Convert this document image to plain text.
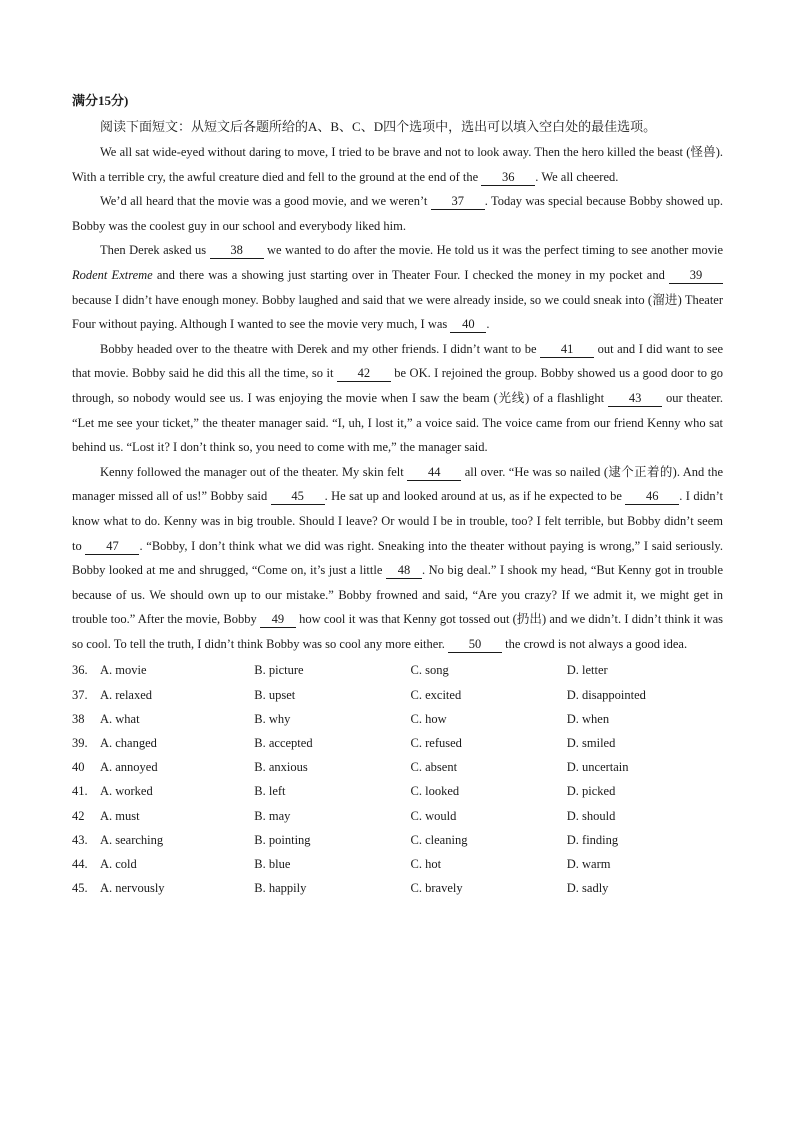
满分15分)
阅读下面短文：从短文后各题所给的A、B、C、D四个选项中，选出可以填入空白处的最佳选项。

We all sat wide-eyed without daring to move, I tried to be brave and not to look away. Then the hero killed the beast (怪兽). With a terrible cry, the awful creature died and fell to the ground at the end of the 36 . We all cheered.

We’d all heard that the movie was a good movie, and we weren’t 37 . Today was special because Bobby showed up. Bobby was the coolest guy in our school and everybody liked him.

Then Derek asked us 38 we wanted to do after the movie. He told us it was the perfect timing to see another movie Rodent Extreme and there was a showing just starting over in Theater Four. I checked the money in my pocket and 39 because I didn’t have enough money. Bobby laughed and said that we were already inside, so we could sneak into (溜进) Theater Four without paying. Although I wanted to see the movie very much, I was 40 .

Bobby headed over to the theatre with Derek and my other friends. I didn’t want to be 41 out and I did want to see that movie. Bobby said he did this all the time, so it 42 be OK. I rejoined the group. Bobby showed us a good door to go through, so nobody would see us. I was enjoying the movie when I saw the beam (光线) of a flashlight 43 our theater. “Let me see your ticket,” the theater manager said. “I, uh, I lost it,” a voice said. The voice came from our friend Kenny who sat behind us. “Lost it? I don’t think so, you need to come with me,” the manager said.

Kenny followed the manager out of the theater. My skin felt 44 all over. “He was so nailed (逮个正着的). And the manager missed all of us!” Bobby said 45 . He sat up and looked around at us, as if he expected to be 46 . I didn’t know what to do. Kenny was in big trouble. Should I leave? Or would I be in trouble, too? I felt terrible, but Bobby didn’t seem to 47 . “Bobby, I don’t think what we did was right. Sneaking into the theater without paying is wrong,” I said seriously. Bobby looked at me and shrugged, “Come on, it’s just a little 48 . No big deal.” I shook my head, “But Kenny got in trouble because of us. We should own up to our mistake.” Bobby frowned and said, “Are you crazy? If we admit it, we might get in trouble too.” After the movie, Bobby 49 how cool it was that Kenny got tossed out (扔出) and we didn’t. I didn’t think it was so cool. To tell the truth, I didn’t think Bobby was so cool any more either. 50 the crowd is not always a good idea.

36. A. movie	B. picture	C. song	D. letter
37. A. relaxed	B. upset	C. excited	D. disappointed
38	A. what	B. why	C. how	D. when
39. A. changed	B. accepted	C. refused	D. smiled
40	A. annoyed	B. anxious	C. absent	D. uncertain
41. A. worked	B. left	C. looked	D. picked
42	A. must	B. may	C. would	D. should
43. A. searching	B. pointing	C. cleaning	D. finding
44. A. cold	B. blue	C. hot	D. warm
45. A. nervously	B. happily	C. bravely	D. sadly
